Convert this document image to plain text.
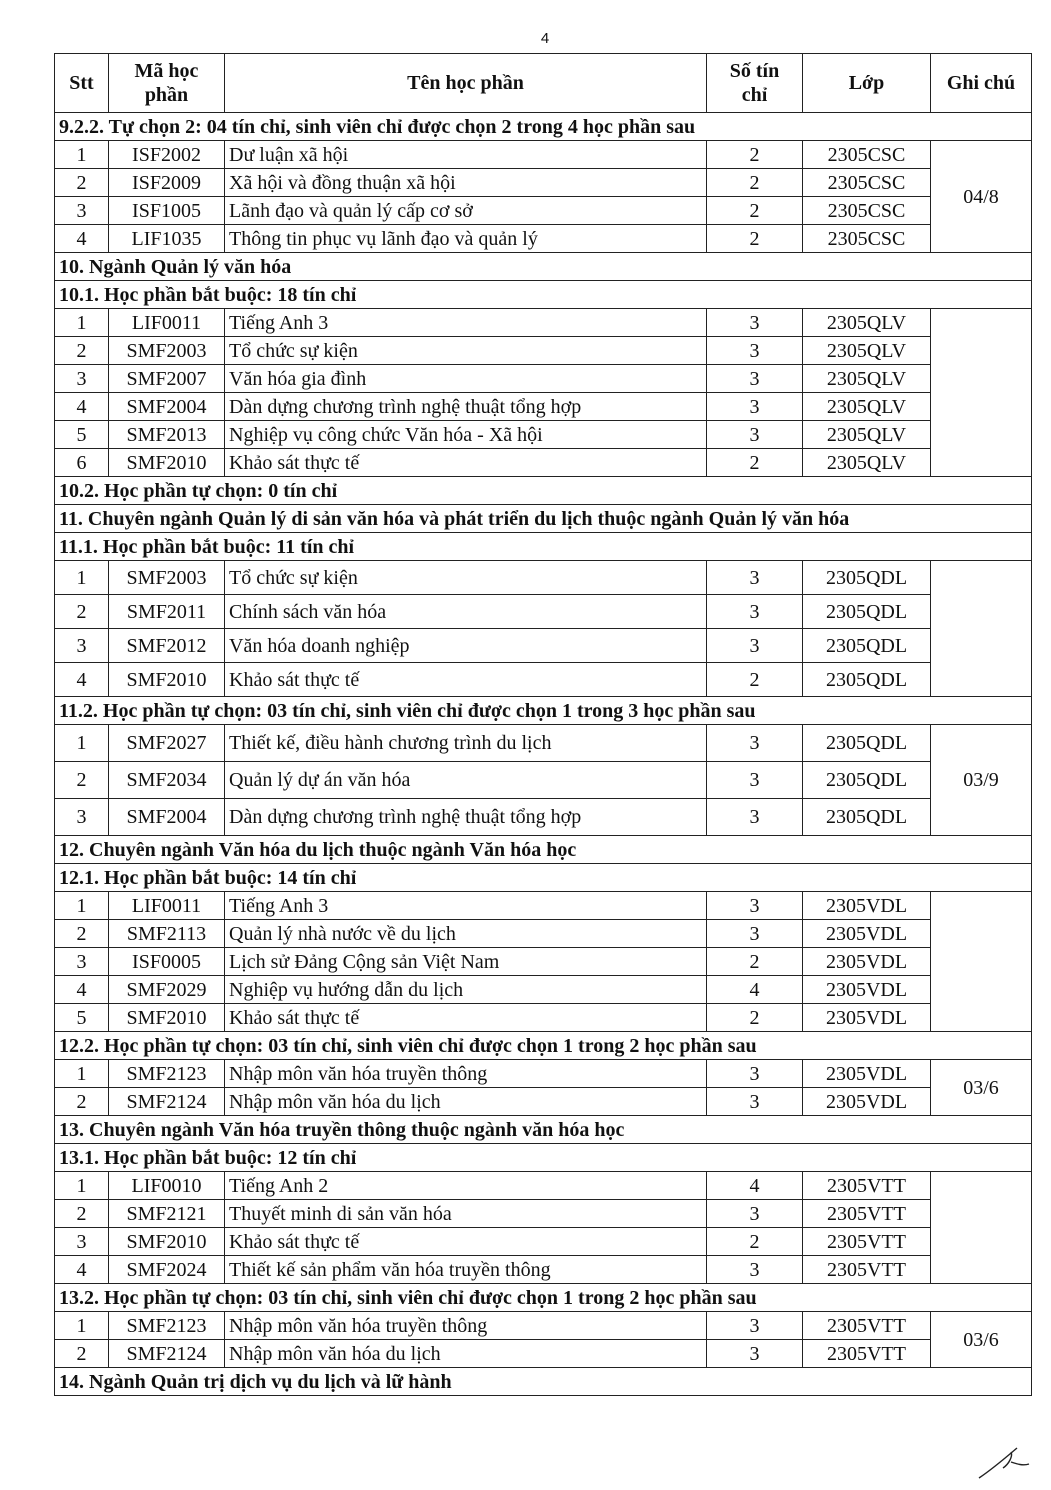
4
Stt	Mã học phần	Tên học phần	Số tín chỉ	Lớp	Ghi chú
9.2.2. Tự chọn 2: 04 tín chỉ, sinh viên chỉ được chọn 2 trong 4 học phần sau					
1	ISF2002	Dư luận xã hội	2	2305CSC	04/8
2	ISF2009	Xã hội và đồng thuận xã hội	2	2305CSC	
3	ISF1005	Lãnh đạo và quản lý cấp cơ sở	2	2305CSC	
4	LIF1035	Thông tin phục vụ lãnh đạo và quản lý	2	2305CSC	
10. Ngành Quản lý văn hóa					
10.1. Học phần bắt buộc: 18 tín chỉ					
1	LIF0011	Tiếng Anh 3	3	2305QLV	
2	SMF2003	Tổ chức sự kiện	3	2305QLV	
3	SMF2007	Văn hóa gia đình	3	2305QLV	
4	SMF2004	Dàn dựng chương trình nghệ thuật tổng hợp	3	2305QLV	
5	SMF2013	Nghiệp vụ công chức Văn hóa - Xã hội	3	2305QLV	
6	SMF2010	Khảo sát thực tế	2	2305QLV	
10.2. Học phần tự chọn: 0 tín chỉ					
11. Chuyên ngành Quản lý di sản văn hóa và phát triển du lịch thuộc ngành Quản lý văn hóa					
11.1. Học phần bắt buộc: 11 tín chỉ					
1	SMF2003	Tổ chức sự kiện	3	2305QDL	
2	SMF2011	Chính sách văn hóa	3	2305QDL	
3	SMF2012	Văn hóa doanh nghiệp	3	2305QDL	
4	SMF2010	Khảo sát thực tế	2	2305QDL	
11.2. Học phần tự chọn: 03 tín chỉ, sinh viên chỉ được chọn 1 trong 3 học phần sau					
1	SMF2027	Thiết kế, điều hành chương trình du lịch	3	2305QDL	03/9
2	SMF2034	Quản lý dự án văn hóa	3	2305QDL	
3	SMF2004	Dàn dựng chương trình nghệ thuật tổng hợp	3	2305QDL	
12. Chuyên ngành Văn hóa du lịch thuộc ngành Văn hóa học					
12.1. Học phần bắt buộc: 14 tín chỉ					
1	LIF0011	Tiếng Anh 3	3	2305VDL	
2	SMF2113	Quản lý nhà nước về du lịch	3	2305VDL	
3	ISF0005	Lịch sử Đảng Cộng sản Việt Nam	2	2305VDL	
4	SMF2029	Nghiệp vụ hướng dẫn du lịch	4	2305VDL	
5	SMF2010	Khảo sát thực tế	2	2305VDL	
12.2. Học phần tự chọn: 03 tín chỉ, sinh viên chỉ được chọn 1 trong 2 học phần sau					
1	SMF2123	Nhập môn văn hóa truyền thông	3	2305VDL	03/6
2	SMF2124	Nhập môn văn hóa du lịch	3	2305VDL	
13. Chuyên ngành Văn hóa truyền thông thuộc ngành văn hóa học					
13.1. Học phần bắt buộc: 12 tín chỉ					
1	LIF0010	Tiếng Anh 2	4	2305VTT	
2	SMF2121	Thuyết minh di sản văn hóa	3	2305VTT	
3	SMF2010	Khảo sát thực tế	2	2305VTT	
4	SMF2024	Thiết kế sản phẩm văn hóa truyền thông	3	2305VTT	
13.2. Học phần tự chọn: 03 tín chỉ, sinh viên chỉ được chọn 1 trong 2 học phần sau					
1	SMF2123	Nhập môn văn hóa truyền thông	3	2305VTT	03/6
2	SMF2124	Nhập môn văn hóa du lịch	3	2305VTT	
14. Ngành Quản trị dịch vụ du lịch và lữ hành					
